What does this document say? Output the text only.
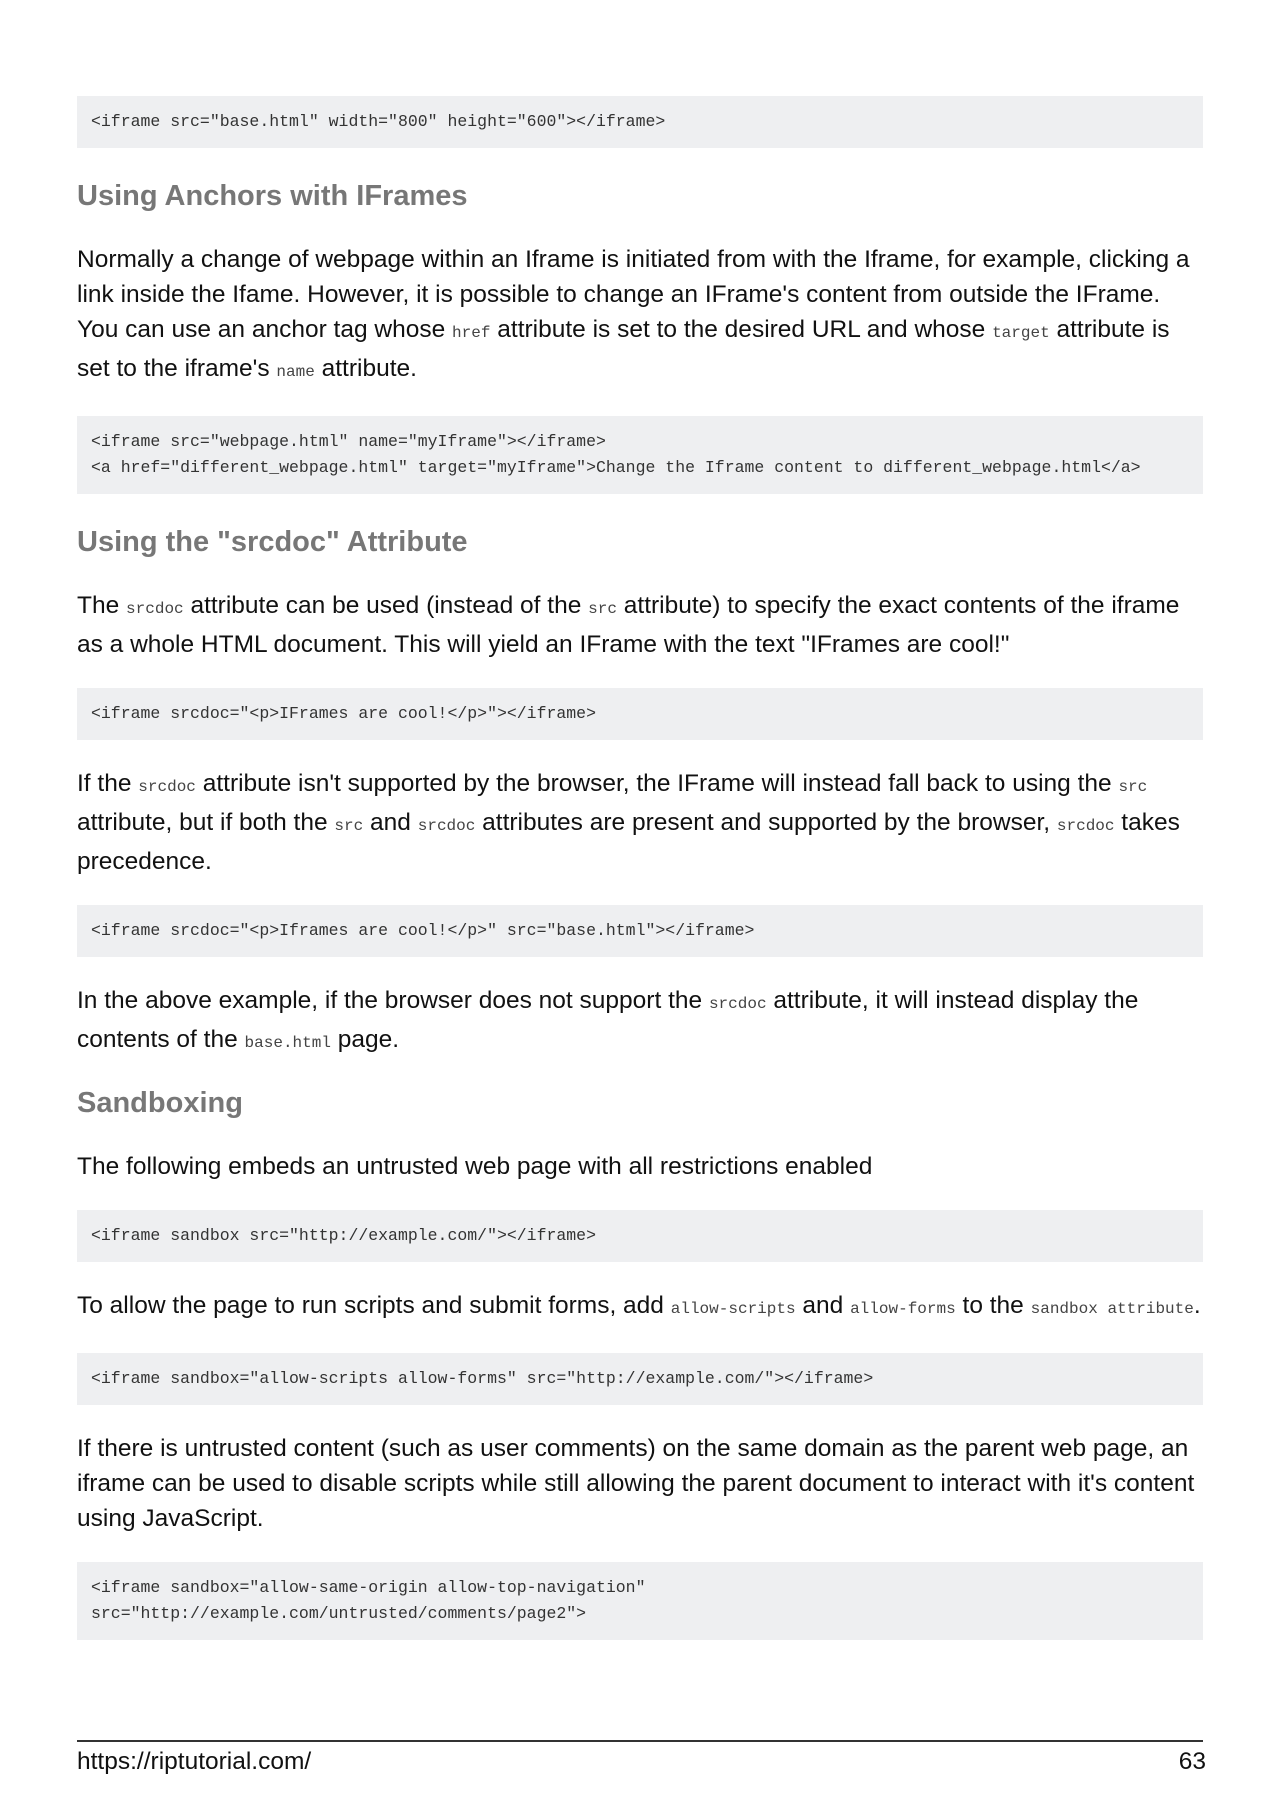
<iframe src="base.html" width="800" height="600"></iframe>
Using Anchors with IFrames

Normally a change of webpage within an Iframe is initiated from with the Iframe, for example, clicking a link inside the Ifame. However, it is possible to change an IFrame's content from outside the IFrame. You can use an anchor tag whose href attribute is set to the desired URL and whose target attribute is set to the iframe's name attribute.

<iframe src="webpage.html" name="myIframe"></iframe>
<a href="different_webpage.html" target="myIframe">Change the Iframe content to different_webpage.html</a>
Using the "srcdoc" Attribute

The srcdoc attribute can be used (instead of the src attribute) to specify the exact contents of the iframe as a whole HTML document. This will yield an IFrame with the text "IFrames are cool!"

<iframe srcdoc="<p>IFrames are cool!</p>"></iframe>

If the srcdoc attribute isn't supported by the browser, the IFrame will instead fall back to using the src attribute, but if both the src and srcdoc attributes are present and supported by the browser, srcdoc takes precedence.

<iframe srcdoc="<p>Iframes are cool!</p>" src="base.html"></iframe>

In the above example, if the browser does not support the srcdoc attribute, it will instead display the contents of the base.html page.

Sandboxing

The following embeds an untrusted web page with all restrictions enabled

<iframe sandbox src="http://example.com/"></iframe>

To allow the page to run scripts and submit forms, add allow-scripts and allow-forms to the sandbox attribute.

<iframe sandbox="allow-scripts allow-forms" src="http://example.com/"></iframe>

If there is untrusted content (such as user comments) on the same domain as the parent web page, an iframe can be used to disable scripts while still allowing the parent document to interact with it's content using JavaScript.

<iframe sandbox="allow-same-origin allow-top-navigation"
src="http://example.com/untrusted/comments/page2">
https://riptutorial.com/	63
